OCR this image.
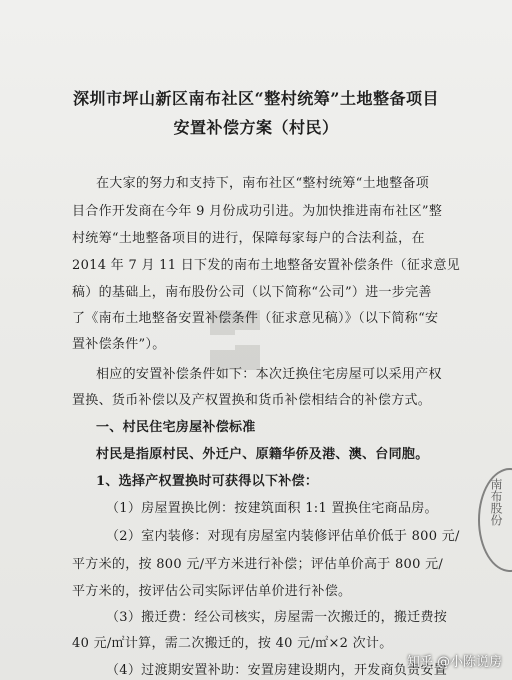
深圳市坪山新区南布社区“整村统筹”土地整备项目
安置补偿方案（村民）
在大家的努力和支持下，南布社区“整村统筹“土地整备项
目合作开发商在今年 9 月份成功引进。为加快推进南布社区”整
村统筹“土地整备项目的进行，保障每家每户的合法利益，在
2014 年 7 月 11 日下发的南布土地整备安置补偿条件（征求意见
稿）的基础上，南布股份公司（以下简称“公司”）进一步完善
了《南布土地整备安置补偿条件（征求意见稿）》（以下简称“安
置补偿条件”）。
相应的安置补偿条件如下：本次迁换住宅房屋可以采用产权
置换、货币补偿以及产权置换和货币补偿相结合的补偿方式。
一、村民住宅房屋补偿标准
村民是指原村民、外迁户、原籍华侨及港、澳、台同胞。
1、选择产权置换时可获得以下补偿：
（1）房屋置换比例：按建筑面积 1:1 置换住宅商品房。
（2）室内装修：对现有房屋室内装修评估单价低于 800 元/
平方米的，按 800 元/平方米进行补偿；评估单价高于 800 元/
平方米的，按评估公司实际评估单价进行补偿。
（3）搬迁费：经公司核实，房屋需一次搬迁的，搬迁费按
40 元/㎡计算，需二次搬迁的，按 40 元/㎡×2 次计。
（4）过渡期安置补助：安置房建设期内，开发商负责安置
南布股份
知乎 @小陈说房
